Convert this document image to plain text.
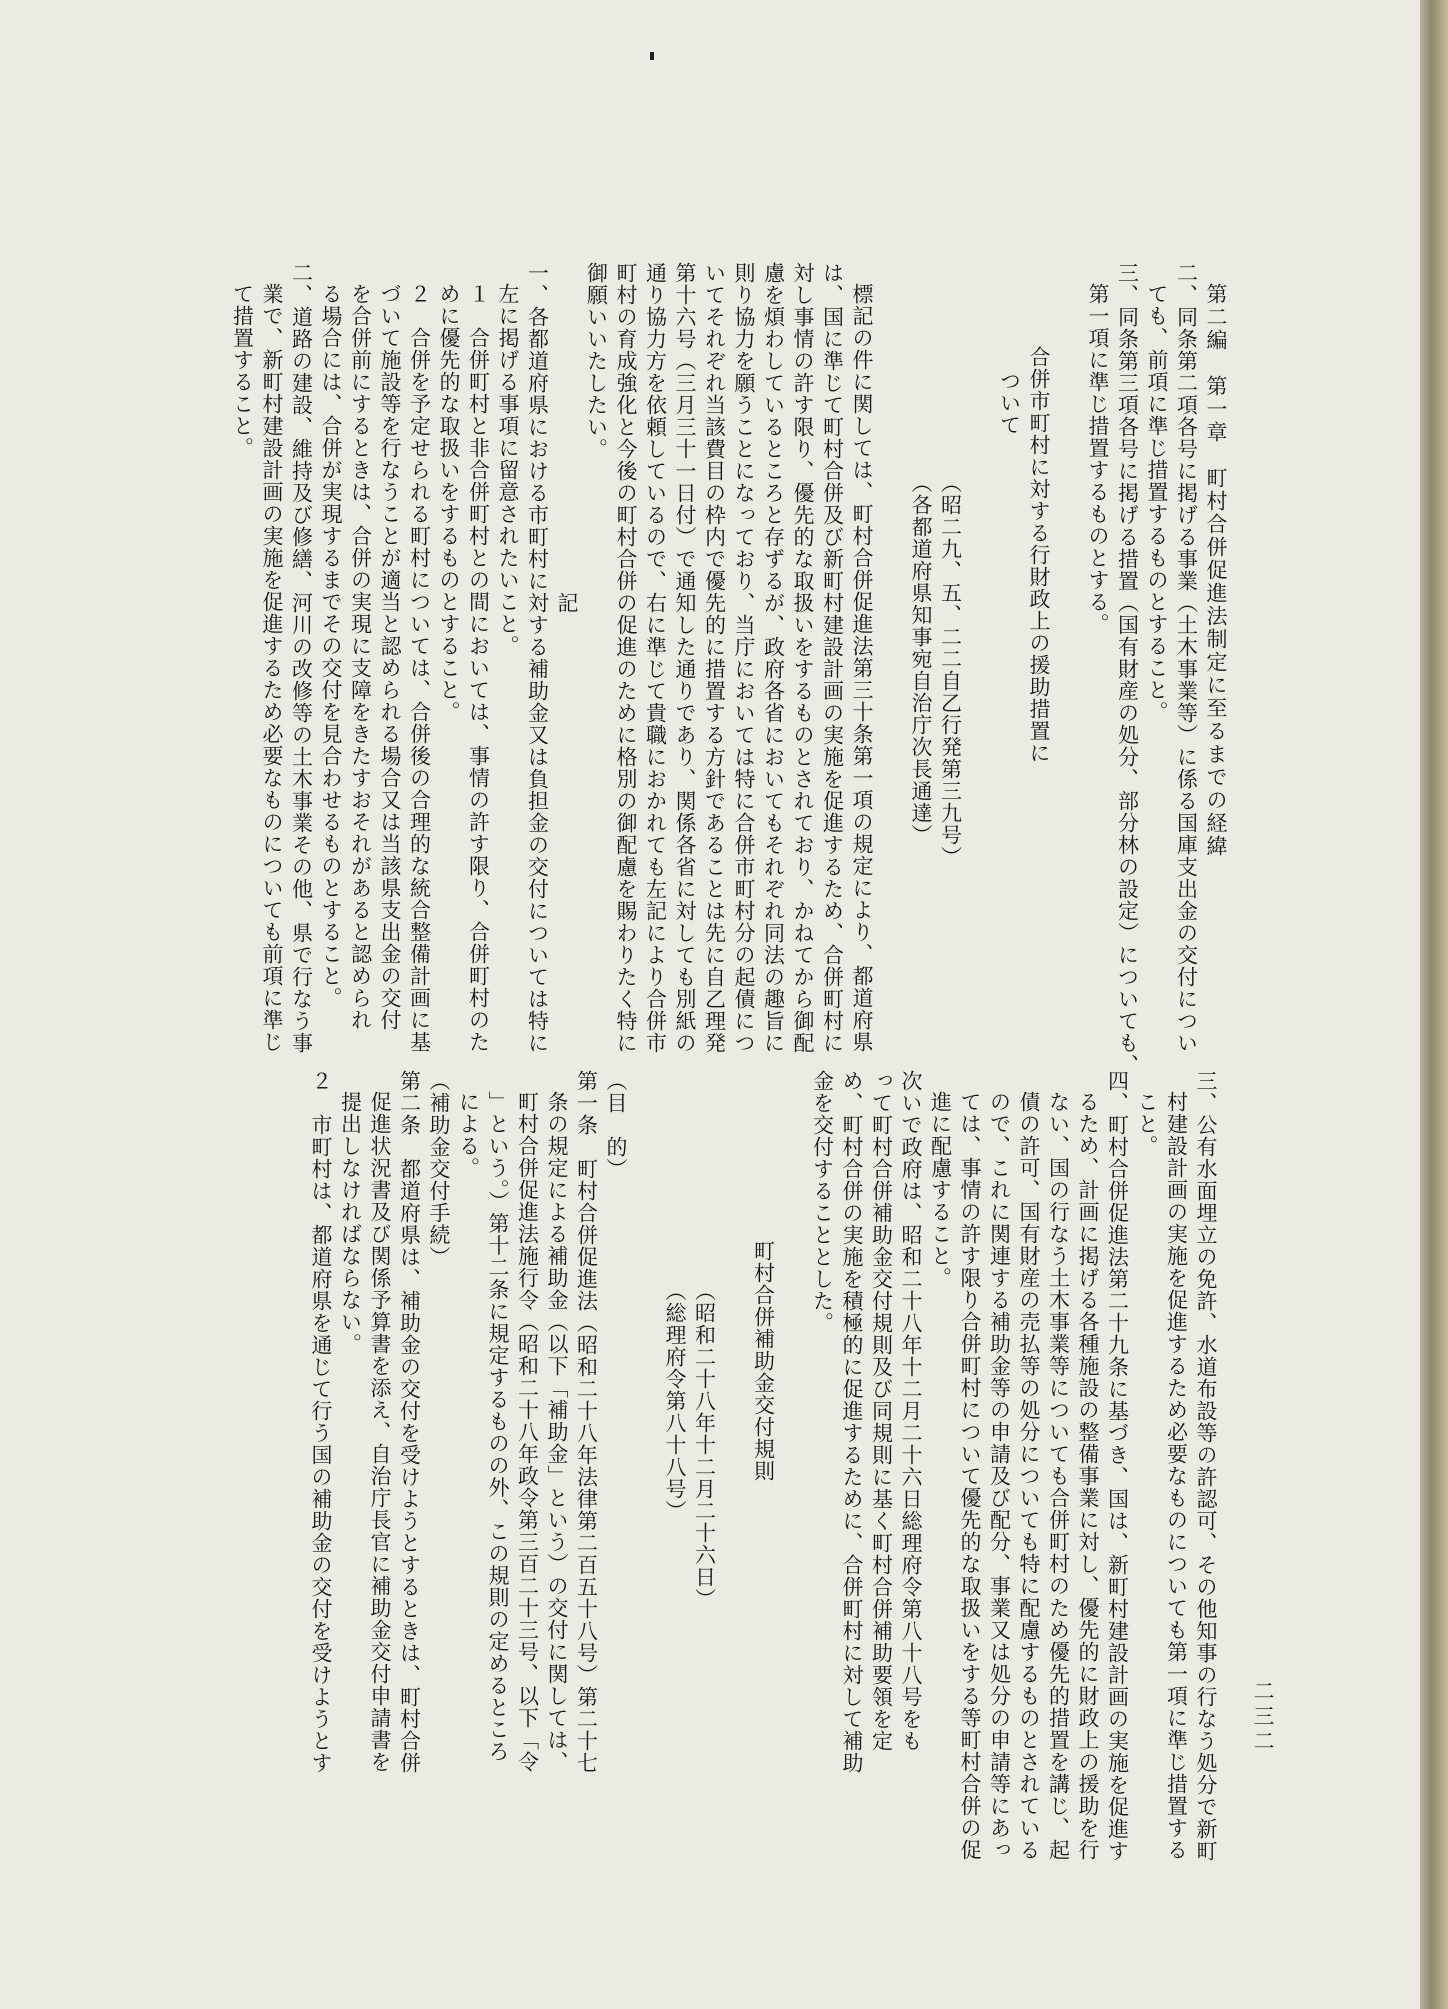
第二編　第一章　町村合併促進法制定に至るまでの経緯
二、同条第二項各号に掲げる事業（土木事業等）に係る国庫支出金の交付につい
ても、前項に準じ措置するものとすること。
三、同条第三項各号に掲げる措置（国有財産の処分、部分林の設定）についても、
第一項に準じ措置するものとする。

合併市町村に対する行財政上の援助措置に
ついて

（昭二九、五、二二自乙行発第三九号）
（各都道府県知事宛自治庁次長通達）

標記の件に関しては、町村合併促進法第三十条第一項の規定により、都道府県
は、国に準じて町村合併及び新町村建設計画の実施を促進するため、合併町村に
対し事情の許す限り、優先的な取扱いをするものとされており、かねてから御配
慮を煩わしているところと存ずるが、政府各省においてもそれぞれ同法の趣旨に
則り協力を願うことになっており、当庁においては特に合併市町村分の起債につ
いてそれぞれ当該費目の枠内で優先的に措置する方針であることは先に自乙理発
第十六号（三月三十一日付）で通知した通りであり、関係各省に対しても別紙の
通り協力方を依頼しているので、右に準じて貴職におかれても左記により合併市
町村の育成強化と今後の町村合併の促進のために格別の御配慮を賜わりたく特に
御願いいたしたい。
記
一、各都道府県における市町村に対する補助金又は負担金の交付については特に
左に掲げる事項に留意されたいこと。
１　合併町村と非合併町村との間においては、事情の許す限り、合併町村のた
めに優先的な取扱いをするものとすること。
２　合併を予定せられる町村については、合併後の合理的な統合整備計画に基
づいて施設等を行なうことが適当と認められる場合又は当該県支出金の交付
を合併前にするときは、合併の実現に支障をきたすおそれがあると認められ
る場合には、合併が実現するまでその交付を見合わせるものとすること。
二、道路の建設、維持及び修繕、河川の改修等の土木事業その他、県で行なう事
業で、新町村建設計画の実施を促進するため必要なものについても前項に準じ
て措置すること。
三、公有水面埋立の免許、水道布設等の許認可、その他知事の行なう処分で新町
村建設計画の実施を促進するため必要なものについても第一項に準じ措置する
こと。
四、町村合併促進法第二十九条に基づき、国は、新町村建設計画の実施を促進す
るため、計画に掲げる各種施設の整備事業に対し、優先的に財政上の援助を行
ない、国の行なう土木事業等についても合併町村のため優先的措置を講じ、起
債の許可、国有財産の売払等の処分についても特に配慮するものとされている
ので、これに関連する補助金等の申請及び配分、事業又は処分の申請等にあっ
ては、事情の許す限り合併町村について優先的な取扱いをする等町村合併の促
進に配慮すること。
次いで政府は、昭和二十八年十二月二十六日総理府令第八十八号をも
って町村合併補助金交付規則及び同規則に基く町村合併補助要領を定
め、町村合併の実施を積極的に促進するために、合併町村に対して補助
金を交付することとした。

町村合併補助金交付規則

（昭和二十八年十二月二十六日）
（総理府令第八十八号）

（目　的）
第一条　町村合併促進法（昭和二十八年法律第二百五十八号）第二十七
条の規定による補助金（以下「補助金」という）の交付に関しては、
町村合併促進法施行令（昭和二十八年政令第三百二十三号、以下「令
」という。）第十二条に規定するものの外、この規則の定めるところ
による。
（補助金交付手続）
第二条　都道府県は、補助金の交付を受けようとするときは、町村合併
促進状況書及び関係予算書を添え、自治庁長官に補助金交付申請書を
提出しなければならない。
２　市町村は、都道府県を通じて行う国の補助金の交付を受けようとす	二三二
